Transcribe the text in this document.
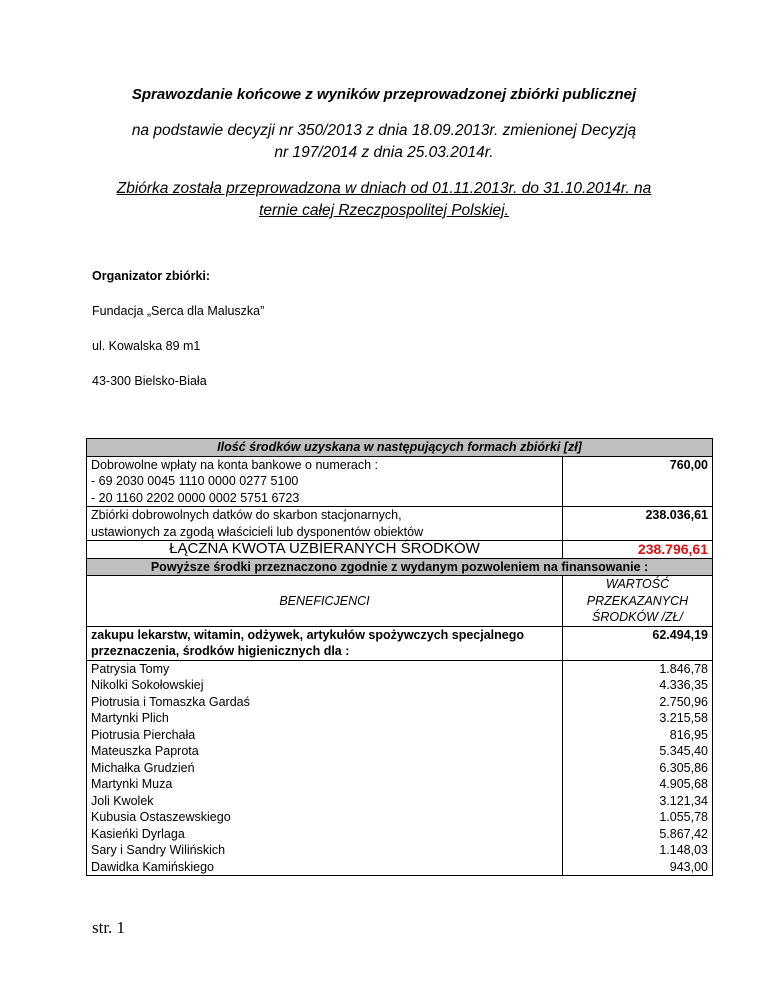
Sprawozdanie końcowe z wyników przeprowadzonej zbiórki publicznej
na podstawie decyzji nr 350/2013 z dnia 18.09.2013r. zmienionej Decyzją
nr 197/2014 z dnia 25.03.2014r.
Zbiórka została przeprowadzona w dniach od 01.11.2013r. do 31.10.2014r. na
ternie całej Rzeczpospolitej Polskiej.
Organizator zbiórki:
Fundacja „Serca dla Maluszka”
ul. Kowalska 89 m1
43-300 Bielsko-Biała
Ilość środków uzyskana w następujących formach zbiórki [zł]	

Dobrowolne wpłaty na konta bankowe o numerach :
- 69 2030 0045 1110 0000 0277 5100
- 20 1160 2202 0000 0002 5751 6723	760,00

Zbiórki dobrowolnych datków do skarbon stacjonarnych,
ustawionych za zgodą właścicieli lub dysponentów obiektów	238.036,61
ŁĄCZNA KWOTA UZBIERANYCH ŚRODKÓW	238.796,61
Powyższe środki przeznaczono zgodnie z wydanym pozwoleniem na finansowanie :	
BENEFICJENCI	WARTOŚĆ
PRZEKAZANYCH
ŚRODKÓW /ZŁ/

zakupu lekarstw, witamin, odżywek, artykułów spożywczych specjalnego
przeznaczenia, środków higienicznych dla :	62.494,19
Patrysia Tomy	1.846,78
Nikolki Sokołowskiej	4.336,35
Piotrusia i Tomaszka Gardaś	2.750,96
Martynki Plich	3.215,58
Piotrusia Pierchała	816,95
Mateuszka Paprota	5.345,40
Michałka Grudzień	6.305,86
Martynki Muza	4.905,68
Joli Kwolek	3.121,34
Kubusia Ostaszewskiego	1.055,78
Kasieńki Dyrlaga	5.867,42
Sary i Sandry Wilińskich	1.148,03
Dawidka Kamińskiego	943,00
str. 1
